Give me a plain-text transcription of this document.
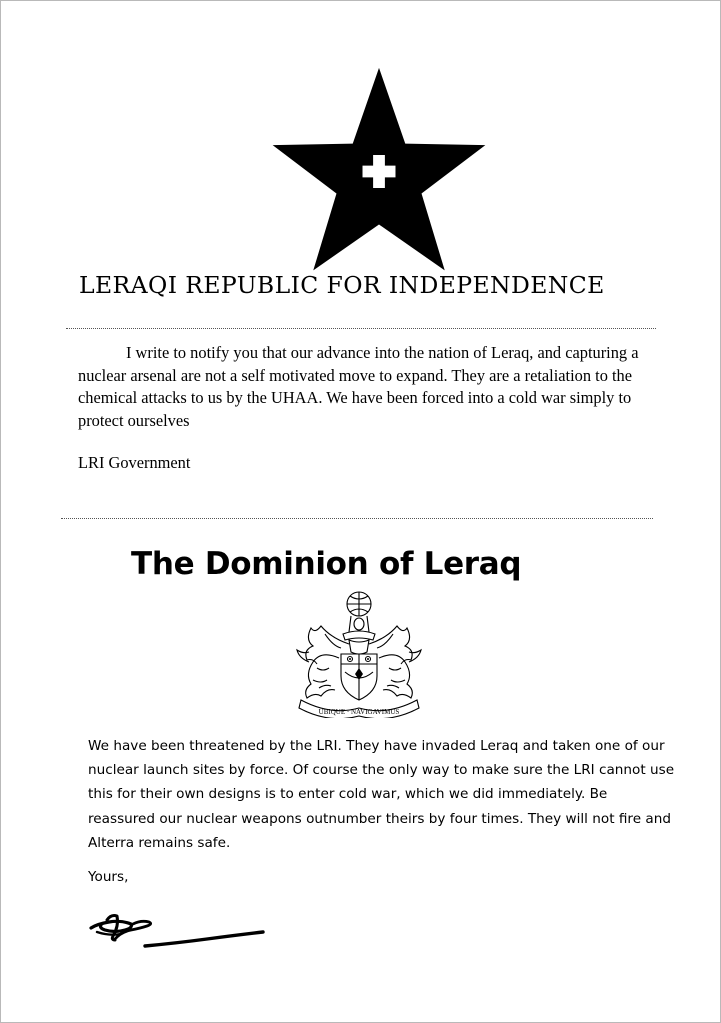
LERAQI REPUBLIC FOR INDEPENDENCE

I write to notify you that our advance into the nation of Leraq, and capturing a nuclear arsenal are not a self motivated move to expand. They are a retaliation to the chemical attacks to us by the UHAA. We have been forced into a cold war simply to protect ourselves

LRI Government

The Dominion of Leraq
UBIQUE · NAVIGAVIMUS

We have been threatened by the LRI. They have invaded Leraq and taken one of our nuclear launch sites by force. Of course the only way to make sure the LRI cannot use this for their own designs is to enter cold war, which we did immediately. Be reassured our nuclear weapons outnumber theirs by four times. They will not fire and Alterra remains safe.

Yours,
